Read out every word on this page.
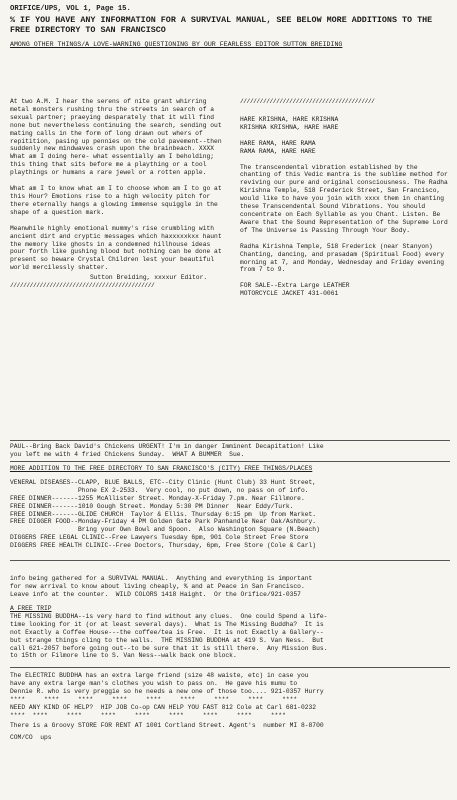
ORIFICE/UPS, VOL 1, Page 15.
% IF YOU HAVE ANY INFORMATION FOR A SURVIVAL MANUAL, SEE BELOW MORE ADDITIONS TO THE FREE DIRECTORY TO SAN FRANCISCO
AMONG OTHER THINGS/A LOVE-WARNING QUESTIONING BY OUR FEARLESS EDITOR SUTTON BREIDING

At two A.M. I hear the serens of nite grant whirring metal monsters rushing thru the streets in search of a sexual partner; praeying desparately that it will find none but nevertheless continuing the search, sending out mating calls in the form of long drawn out whers of repitition, pasing up pennies on the cold pavement--then suddenly new mindwaves crash upon the brainbeach. XXXX What am I doing here- what essentially am I beholding; this thing that sits before me a plaything or a tool playthings or humans a rare jewel or a rotten apple.

What am I to know what am I to choose whom am I to go at this Hour? Emotions rise to a high velocity pitch for there eternally hangs a glowing immense squiggle in the shape of a question mark.

Meanwhile highly emotional mummy's rise crumbling with ancient dirt and cryptic messages which haxxxxxkxx haunt the memory like ghosts in a condemned hillhouse ideas pour forth like gushing blood but nothing can be done at present so beware Crystal Children lest your beautiful world mercilessly shatter.

Sutton Breiding, xxxxur Editor.
////////////////////////////////////////////
/////////////////////////////////////////
HARE KRISHNA, HARE KRISHNA
KRISHNA KRISHNA, HARE HARE
HARE RAMA, HARE RAMA
RAMA RAMA, HARE HARE

The transcendental vibration established by the chanting of this Vedic mantra is the sublime method for reviving our pure and original consciousness. The Radha Kirishna Temple, 518 Frederick Street, San Francisco, would like to have you join with xxxx them in chanting these Transcendental Sound Vibrations. You should concentrate on Each Syllable as you Chant. Listen. Be Aware that the Sound Representation of the Supreme Lord of The Universe is Passing Through Your Body.

Radha Kirishna Temple, 518 Frederick (near Stanyon) Chanting, dancing, and prasadam (Spiritual Food) every morning at 7, and Monday, Wednesday and Friday evening from 7 to 9.

FOR SALE--Extra Large LEATHER
MOTORCYCLE JACKET 431-0061
PAUL--Bring Back David's Chickens URGENT! I'm in danger Imminent Decapitation! Like
you left me with 4 fried Chickens Sunday.  WHAT A BUMMER  Sue.
MORE ADDITION TO THE FREE DIRECTORY TO SAN FRANCISCO'S (CITY) FREE THINGS/PLACES
VENERAL DISEASES--CLAPP, BLUE BALLS, ETC--City Clinic (Hunt Club) 33 Hunt Street,
Phone EX 2-2533.  Very cool, no put down, no pass on of info.
FREE DINNER-------1255 McAllister Street. Monday-X-Friday 7.pm. Near Fillmore.
FREE DINNER-------1010 Gough Street. Monday 5:30 PM Dinner  Near Eddy/Turk.
FREE DINNER-------GLIDE CHURCH  Taylor & Ellis. Thursday 6:15 pm  Up from Market.
FREE DIGGER FOOD--Monday-Friday 4 PM Golden Gate Park Panhandle Near Oak/Ashbury.
Bring your Own Bowl and Spoon.  Also Washington Square (N.Beach)
DIGGERS FREE LEGAL CLINIC--Free Lawyers Tuesday 6pm, 901 Cole Street Free Store
DIGGERS FREE HEALTH CLINIC--Free Doctors, Thursday, 6pm, Free Store (Cole & Carl)
info being gathered for a SURVIVAL MANUAL.  Anything and everything is important
for new arrival to know about living cheaply, % and at Peace in San Francisco.
Leave info at the counter.  WILD COLORS 1418 Haight.  Or the Orifice/921-0357
A FREE TRIP
THE MISSING BUDDHA--is very hard to find without any clues.  One could Spend a life-
time looking for it (or at least several days).  What is The Missing Buddha?  It is
not Exactly a Coffee House---the coffee/tea is Free.  It is not Exactly a Gallery--
but strange things cling to the walls.  THE MISSING BUDDHA at 419 S. Van Ness.  But
call 621-2057 before going out--to be sure that it is still there.  Any Mission Bus.
to 15th or Filmore line to S. Van Ness--walk back one block.
The ELECTRIC BUDDHA has an extra large friend (size 48 waiste, etc) in case you
have any extra large man's clothes you wish to pass on.  He gave his mumu to
Dennie R. who is very preggie so he needs a new one of those too.... 921-0357 Hurry
****     ****     ****     ****     ****     ****     ****     ****     ****
NEED ANY KIND OF HELP?  HIP JOB Co-op CAN HELP YOU FAST 812 Cole at Carl 681-0232
****  ****     ****     ****     ****     ****     ****     ****     ****
There is a Groovy STORE FOR RENT AT 1001 Cortland Street. Agent's  number MI 8-8700
COM/CO  ups
